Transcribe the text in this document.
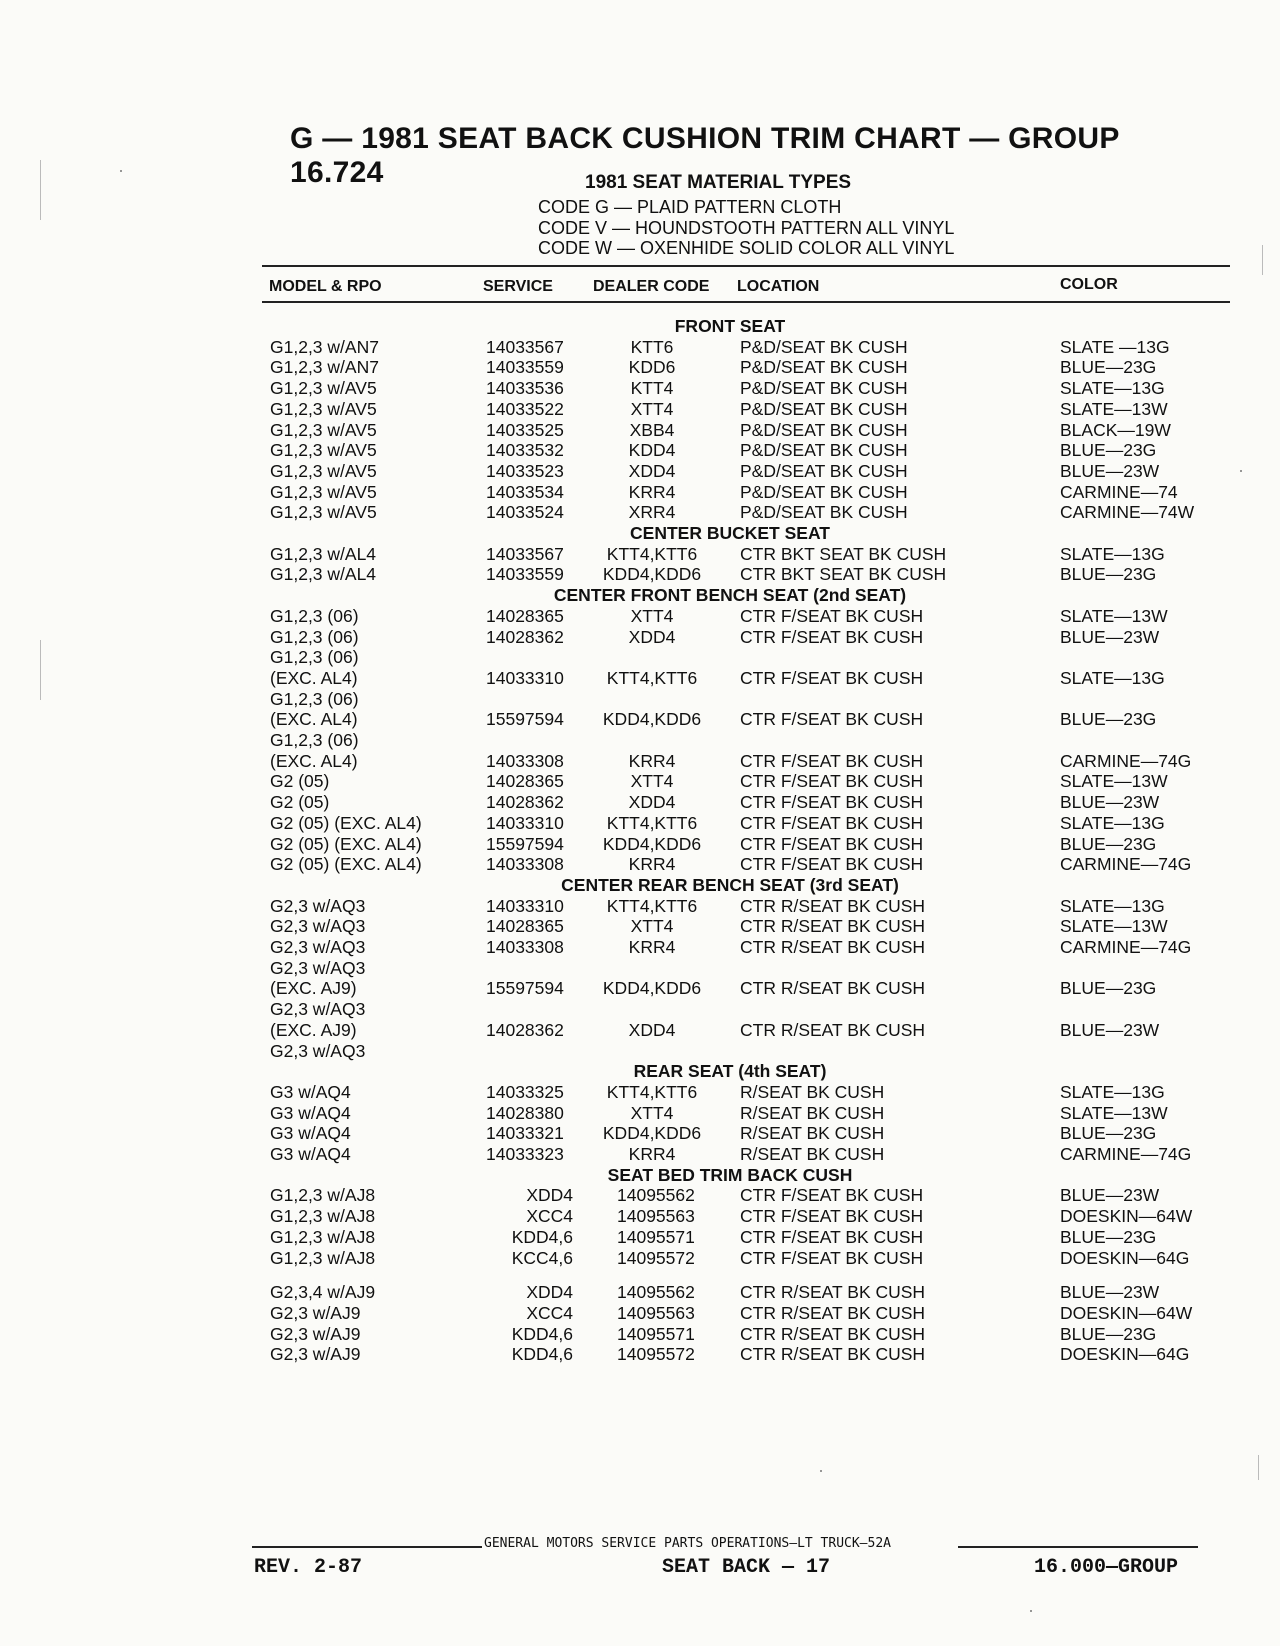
G — 1981 SEAT BACK CUSHION TRIM CHART — GROUP 16.724	1981 SEAT MATERIAL TYPES
CODE G — PLAID PATTERN CLOTH
CODE V — HOUNDSTOOTH PATTERN ALL VINYL
CODE W — OXENHIDE SOLID COLOR ALL VINYL
MODEL & RPO	SERVICE	DEALER CODE LOCATION	COLOR
FRONT SEAT
G1,2,3 w/AN7	14033567	KTT6	P&D/SEAT BK CUSH	SLATE —13G
G1,2,3 w/AN7	14033559	KDD6	P&D/SEAT BK CUSH	BLUE—23G
G1,2,3 w/AV5	14033536	KTT4	P&D/SEAT BK CUSH	SLATE—13G
G1,2,3 w/AV5	14033522	XTT4	P&D/SEAT BK CUSH	SLATE—13W
G1,2,3 w/AV5	14033525	XBB4	P&D/SEAT BK CUSH	BLACK—19W
G1,2,3 w/AV5	14033532	KDD4	P&D/SEAT BK CUSH	BLUE—23G
G1,2,3 w/AV5	14033523	XDD4	P&D/SEAT BK CUSH	BLUE—23W
G1,2,3 w/AV5	14033534	KRR4	P&D/SEAT BK CUSH	CARMINE—74
G1,2,3 w/AV5	14033524	XRR4	P&D/SEAT BK CUSH	CARMINE—74W
CENTER BUCKET SEAT
G1,2,3 w/AL4	14033567 KTT4,KTT6 CTR BKT SEAT BK CUSH	SLATE—13G
G1,2,3 w/AL4	14033559 KDD4,KDD6 CTR BKT SEAT BK CUSH	BLUE—23G
CENTER FRONT BENCH SEAT (2nd SEAT)
G1,2,3 (06)	14028365	XTT4	CTR F/SEAT BK CUSH	SLATE—13W
G1,2,3 (06)	14028362	XDD4	CTR F/SEAT BK CUSH	BLUE—23W
G1,2,3 (06)
(EXC. AL4)	14033310 KTT4,KTT6 CTR F/SEAT BK CUSH	SLATE—13G
G1,2,3 (06)
(EXC. AL4)	15597594 KDD4,KDD6 CTR F/SEAT BK CUSH	BLUE—23G
G1,2,3 (06)
(EXC. AL4)	14033308	KRR4	CTR F/SEAT BK CUSH	CARMINE—74G
G2 (05)	14028365	XTT4	CTR F/SEAT BK CUSH	SLATE—13W
G2 (05)	14028362	XDD4	CTR F/SEAT BK CUSH	BLUE—23W
G2 (05) (EXC. AL4)	14033310 KTT4,KTT6 CTR F/SEAT BK CUSH	SLATE—13G
G2 (05) (EXC. AL4)	15597594 KDD4,KDD6 CTR F/SEAT BK CUSH	BLUE—23G
G2 (05) (EXC. AL4)	14033308	KRR4	CTR F/SEAT BK CUSH	CARMINE—74G
CENTER REAR BENCH SEAT (3rd SEAT)
G2,3 w/AQ3	14033310 KTT4,KTT6 CTR R/SEAT BK CUSH	SLATE—13G
G2,3 w/AQ3	14028365	XTT4	CTR R/SEAT BK CUSH	SLATE—13W
G2,3 w/AQ3	14033308	KRR4	CTR R/SEAT BK CUSH	CARMINE—74G
G2,3 w/AQ3
(EXC. AJ9)	15597594 KDD4,KDD6 CTR R/SEAT BK CUSH	BLUE—23G
G2,3 w/AQ3
(EXC. AJ9)	14028362	XDD4	CTR R/SEAT BK CUSH	BLUE—23W
G2,3 w/AQ3
REAR SEAT (4th SEAT)
G3 w/AQ4	14033325 KTT4,KTT6 R/SEAT BK CUSH	SLATE—13G
G3 w/AQ4	14028380	XTT4	R/SEAT BK CUSH	SLATE—13W
G3 w/AQ4	14033321 KDD4,KDD6 R/SEAT BK CUSH	BLUE—23G
G3 w/AQ4	14033323	KRR4	R/SEAT BK CUSH	CARMINE—74G
SEAT BED TRIM BACK CUSH
G1,2,3 w/AJ8	XDD4	14095562	CTR F/SEAT BK CUSH	BLUE—23W
G1,2,3 w/AJ8	XCC4	14095563	CTR F/SEAT BK CUSH	DOESKIN—64W
G1,2,3 w/AJ8	KDD4,6	14095571	CTR F/SEAT BK CUSH	BLUE—23G
G1,2,3 w/AJ8	KCC4,6	14095572	CTR F/SEAT BK CUSH	DOESKIN—64G
G2,3,4 w/AJ9	XDD4	14095562	CTR R/SEAT BK CUSH	BLUE—23W
G2,3 w/AJ9	XCC4	14095563	CTR R/SEAT BK CUSH	DOESKIN—64W
G2,3 w/AJ9	KDD4,6	14095571	CTR R/SEAT BK CUSH	BLUE—23G
G2,3 w/AJ9	KDD4,6	14095572	CTR R/SEAT BK CUSH	DOESKIN—64G
GENERAL MOTORS SERVICE PARTS OPERATIONS—LT TRUCK—52A
REV. 2-87	SEAT BACK — 17	16.000—GROUP
